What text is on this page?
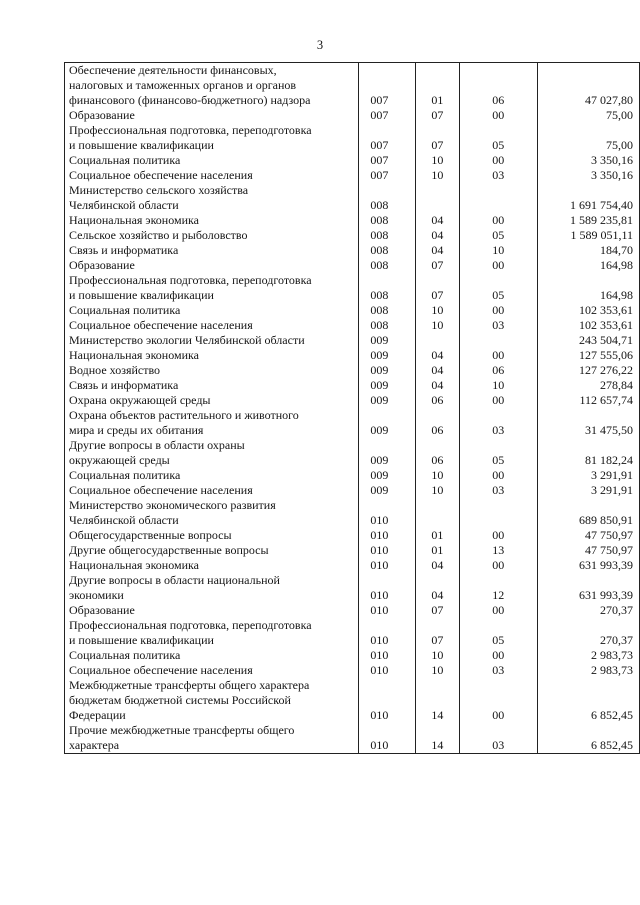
3
Обеспечение деятельности финансовых,
налоговых и таможенных органов и органов
финансового (финансово-бюджетного) надзора	007	01	06	47 027,80
Образование	007	07	00	75,00
Профессиональная подготовка, переподготовка
и повышение квалификации	007	07	05	75,00
Социальная политика	007	10	00	3 350,16
Социальное обеспечение населения	007	10	03	3 350,16
Министерство сельского хозяйства
Челябинской области	008			1 691 754,40
Национальная экономика	008	04	00	1 589 235,81
Сельское хозяйство и рыболовство	008	04	05	1 589 051,11
Связь и информатика	008	04	10	184,70
Образование	008	07	00	164,98
Профессиональная подготовка, переподготовка
и повышение квалификации	008	07	05	164,98
Социальная политика	008	10	00	102 353,61
Социальное обеспечение населения	008	10	03	102 353,61
Министерство экологии Челябинской области	009			243 504,71
Национальная экономика	009	04	00	127 555,06
Водное хозяйство	009	04	06	127 276,22
Связь и информатика	009	04	10	278,84
Охрана окружающей среды	009	06	00	112 657,74
Охрана объектов растительного и животного
мира и среды их обитания	009	06	03	31 475,50
Другие вопросы в области охраны
окружающей среды	009	06	05	81 182,24
Социальная политика	009	10	00	3 291,91
Социальное обеспечение населения	009	10	03	3 291,91
Министерство экономического развития
Челябинской области	010			689 850,91
Общегосударственные вопросы	010	01	00	47 750,97
Другие общегосударственные вопросы	010	01	13	47 750,97
Национальная экономика	010	04	00	631 993,39
Другие вопросы в области национальной
экономики	010	04	12	631 993,39
Образование	010	07	00	270,37
Профессиональная подготовка, переподготовка
и повышение квалификации	010	07	05	270,37
Социальная политика	010	10	00	2 983,73
Социальное обеспечение населения	010	10	03	2 983,73
Межбюджетные трансферты общего характера
бюджетам бюджетной системы Российской
Федерации	010	14	00	6 852,45
Прочие межбюджетные трансферты общего
характера	010	14	03	6 852,45
